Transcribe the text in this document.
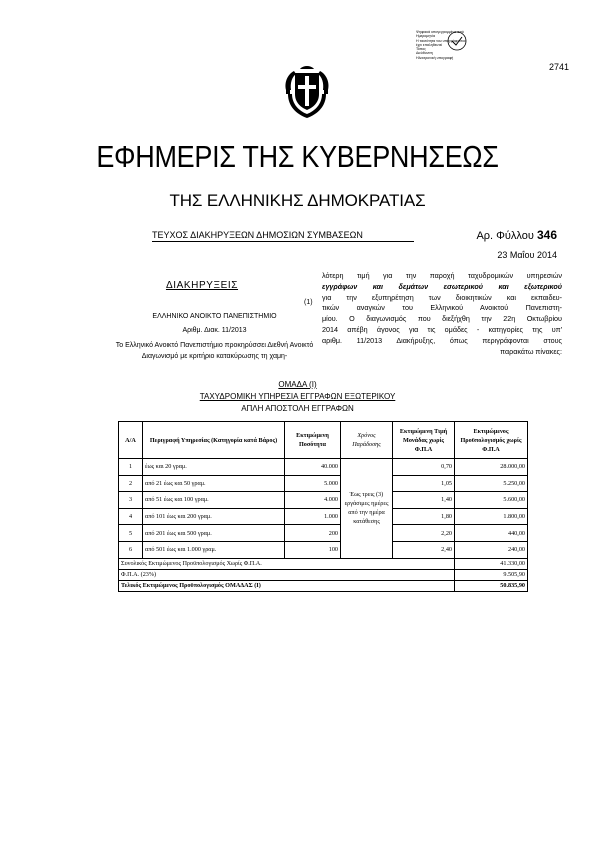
Ψηφιακά υπογεγραμμένο από
Ημερομηνία
Η ταυτότητα του υπογράφοντος
έχει επαληθευτεί
Τόπος
Διεύθυνση
Ηλεκτρονική υπογραφή
2741
ΕΦΗΜΕΡΙΣ ΤΗΣ ΚΥΒΕΡΝΗΣΕΩΣ
ΤΗΣ ΕΛΛΗΝΙΚΗΣ ΔΗΜΟΚΡΑΤΙΑΣ
ΤΕΥΧΟΣ ΔΙΑΚΗΡΥΞΕΩΝ ΔΗΜΟΣΙΩΝ ΣΥΜΒΑΣΕΩΝ	Αρ. Φύλλου 346
23 Μαΐου 2014
ΔΙΑΚΗΡΥΞΕΙΣ
(1)
ΕΛΛΗΝΙΚΟ ΑΝΟΙΚΤΟ ΠΑΝΕΠΙΣΤΗΜΙΟ
Αριθμ. Διακ. 11/2013
Το Ελληνικό Ανοικτό Πανεπιστήμιο προκηρύσσει Διεθνή Ανοικτό Διαγωνισμό με κριτήριο κατακύρωσης τη χαμη-
λότερη τιμή για την παροχή ταχυδρομικών υπηρεσιών
εγγράφων και δεμάτων εσωτερικού και εξωτερικού
για την εξυπηρέτηση των διοικητικών και εκπαιδευ-
τικών αναγκών του Ελληνικού Ανοικτού Πανεπιστη-
μίου. Ο διαγωνισμός που διεξήχθη την 22η Οκτωβρίου
2014 απέβη άγονος για τις ομάδες - κατηγορίες της υπ'
αριθμ. 11/2013 Διακήρυξης, όπως περιγράφονται στους
παρακάτω πίνακες:
ΟΜΑΔΑ (I)
ΤΑΧΥΔΡΟΜΙΚΗ ΥΠΗΡΕΣΙΑ ΕΓΓΡΑΦΩΝ ΕΞΩΤΕΡΙΚΟΥ
ΑΠΛΗ ΑΠΟΣΤΟΛΗ ΕΓΓΡΑΦΩΝ
Α/Α	Περιγραφή Υπηρεσίας (Κατηγορία κατά Βάρος)	Εκτιμώμενη Ποσότητα	Χρόνος Παράδοσης	Εκτιμώμενη Τιμή Μονάδας χωρίς Φ.Π.Α	Εκτιμώμενος Προϋπολογισμός χωρίς Φ.Π.Α
1	έως και 20 γραμ.	40.000	Έως τρεις (3) εργάσιμες ημέρες από την ημέρα κατάθεσης	0,70	28.000,00
2	από 21 έως και 50 γραμ.	5.000		1,05	5.250,00
3	από 51 έως και 100 γραμ.	4.000		1,40	5.600,00
4	από 101 έως και 200 γραμ.	1.000		1,80	1.800,00
5	από 201 έως και 500 γραμ.	200		2,20	440,00
6	από 501 έως και 1.000 γραμ.	100		2,40	240,00
Συνολικός Εκτιμώμενος Προϋπολογισμός Χωρίς Φ.Π.Α.					41.330,00
Φ.Π.Α. (23%)					9.505,90
Τελικός Εκτιμώμενος Προϋπολογισμός ΟΜΑΔΑΣ (I)					50.835,90
